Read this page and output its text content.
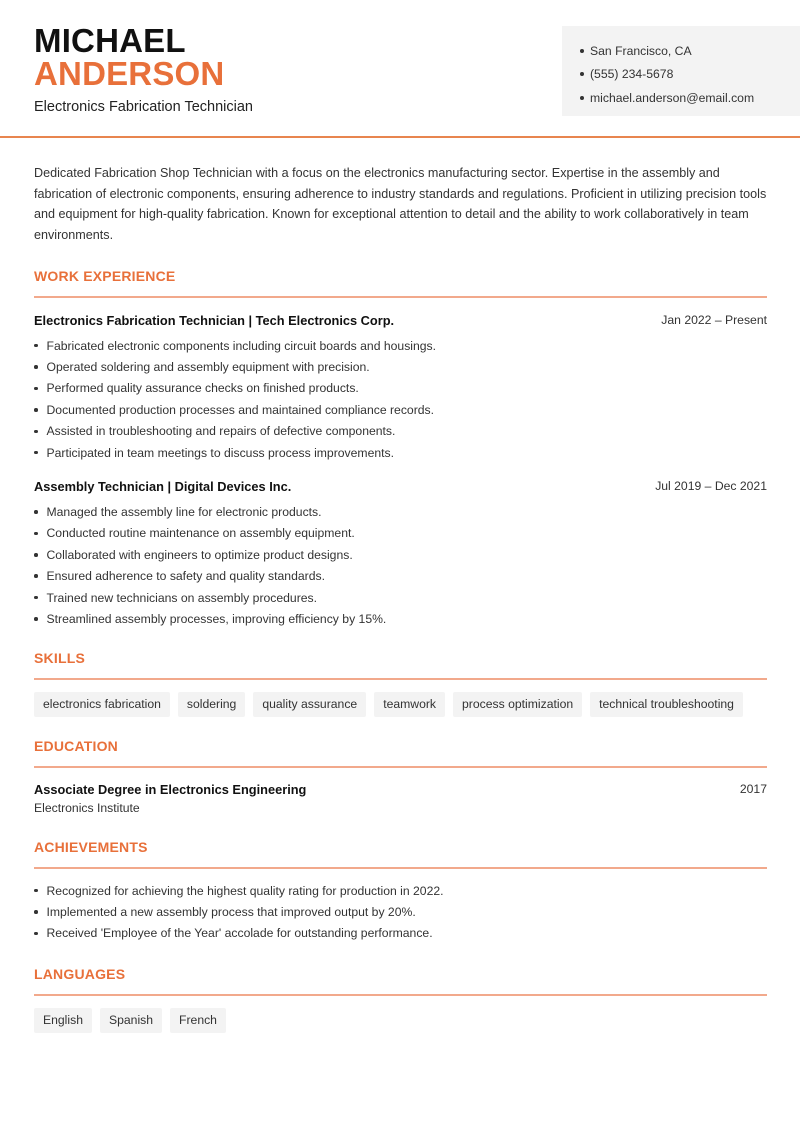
MICHAEL
ANDERSON
Electronics Fabrication Technician
San Francisco, CA
(555) 234-5678
michael.anderson@email.com

Dedicated Fabrication Shop Technician with a focus on the electronics manufacturing sector. Expertise in the assembly and fabrication of electronic components, ensuring adherence to industry standards and regulations. Proficient in utilizing precision tools and equipment for high-quality fabrication. Known for exceptional attention to detail and the ability to work collaboratively in team environments.

WORK EXPERIENCE
Electronics Fabrication Technician | Tech Electronics Corp.	Jan 2022 – Present
Fabricated electronic components including circuit boards and housings.
Operated soldering and assembly equipment with precision.
Performed quality assurance checks on finished products.
Documented production processes and maintained compliance records.
Assisted in troubleshooting and repairs of defective components.
Participated in team meetings to discuss process improvements.
Assembly Technician | Digital Devices Inc.	Jul 2019 – Dec 2021
Managed the assembly line for electronic products.
Conducted routine maintenance on assembly equipment.
Collaborated with engineers to optimize product designs.
Ensured adherence to safety and quality standards.
Trained new technicians on assembly procedures.
Streamlined assembly processes, improving efficiency by 15%.
SKILLS
electronics fabrication	soldering	quality assurance	teamwork	process optimization	technical troubleshooting
EDUCATION
Associate Degree in Electronics Engineering	2017
Electronics Institute
ACHIEVEMENTS
Recognized for achieving the highest quality rating for production in 2022.
Implemented a new assembly process that improved output by 20%.
Received 'Employee of the Year' accolade for outstanding performance.
LANGUAGES
English	Spanish	French
